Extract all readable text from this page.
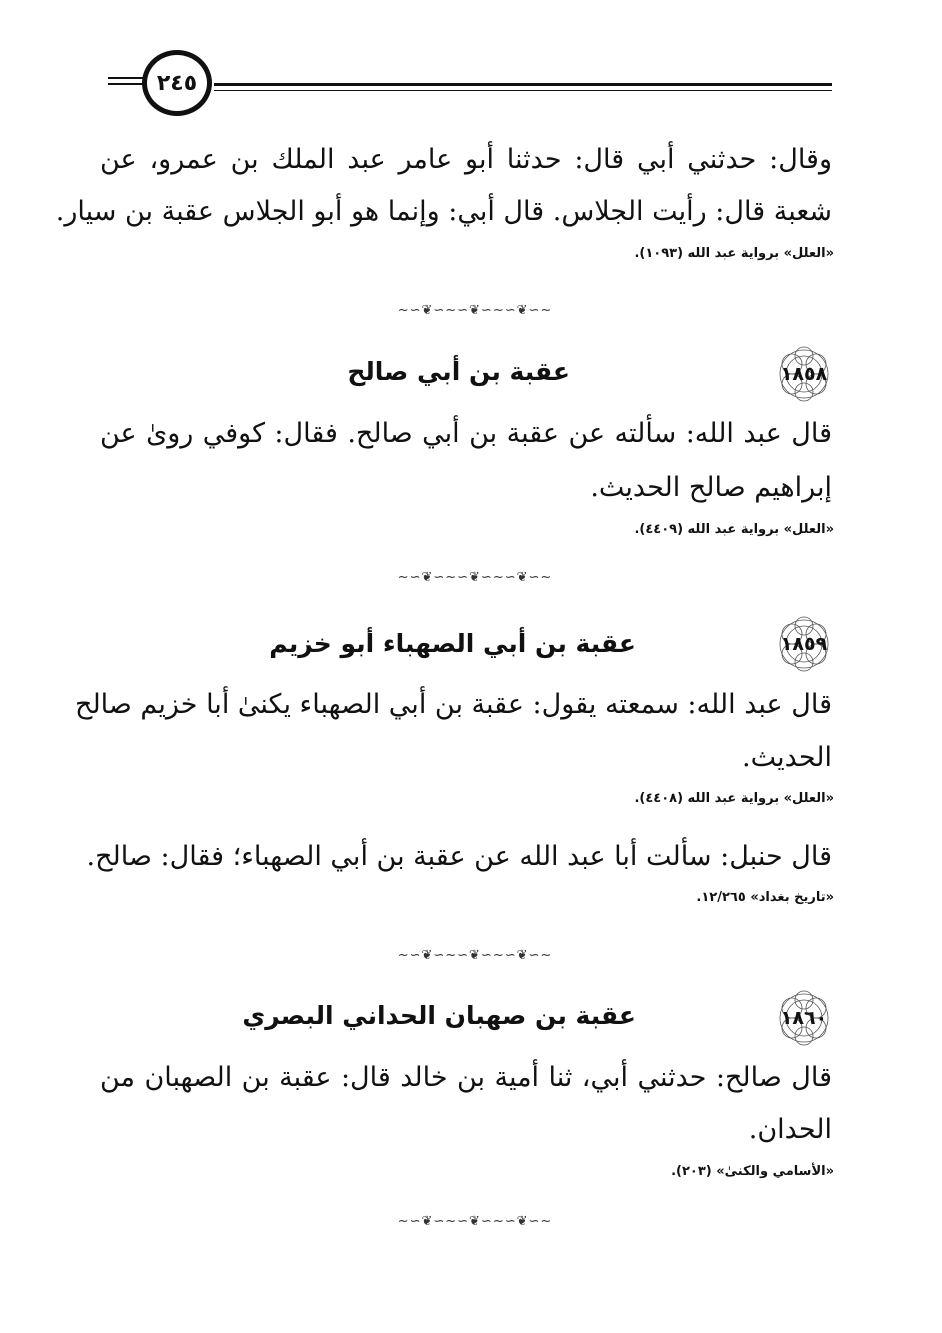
٢٤٥
وقال: حدثني أبي قال: حدثنا أبو عامر عبد الملك بن عمرو، عن
شعبة قال: رأيت الجلاس. قال أبي: وإنما هو أبو الجلاس عقبة بن سيار.
«العلل» برواية عبد الله (١٠٩٣).
~∽❦∽~∽❦∽~∽❦∽~
١٨٥٨
عقبة بن أبي صالح
قال عبد الله: سألته عن عقبة بن أبي صالح. فقال: كوفي روىٰ عن
إبراهيم صالح الحديث.
«العلل» برواية عبد الله (٤٤٠٩).
~∽❦∽~∽❦∽~∽❦∽~
١٨٥٩
عقبة بن أبي الصهباء أبو خزيم
قال عبد الله: سمعته يقول: عقبة بن أبي الصهباء يكنىٰ أبا خزيم صالح
الحديث.
«العلل» برواية عبد الله (٤٤٠٨).
قال حنبل: سألت أبا عبد الله عن عقبة بن أبي الصهباء؛ فقال: صالح.
«تاريخ بغداد» ١٢/٢٦٥.
~∽❦∽~∽❦∽~∽❦∽~
١٨٦٠
عقبة بن صهبان الحداني البصري
قال صالح: حدثني أبي، ثنا أمية بن خالد قال: عقبة بن الصهبان من
الحدان.
«الأسامي والكنىٰ» (٢٠٣).
~∽❦∽~∽❦∽~∽❦∽~
